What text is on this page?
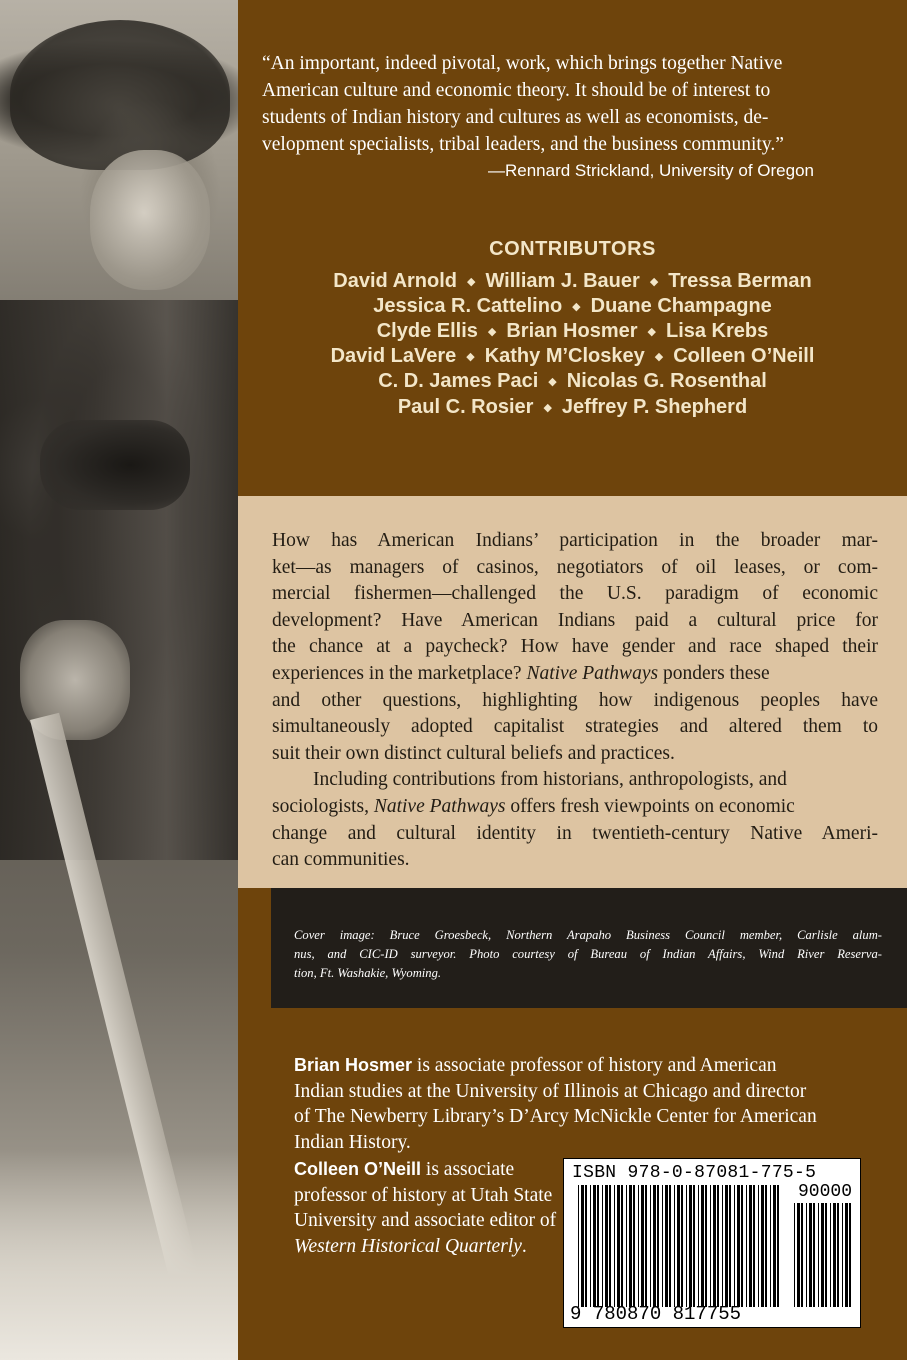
“An important, indeed pivotal, work, which brings together Native
American culture and economic theory. It should be of interest to
students of Indian history and cultures as well as economists, de-
velopment specialists, tribal leaders, and the business community.”
—Rennard Strickland, University of Oregon
CONTRIBUTORS
David Arnold ◆ William J. Bauer ◆ Tressa Berman
Jessica R. Cattelino ◆ Duane Champagne
Clyde Ellis ◆ Brian Hosmer ◆ Lisa Krebs
David LaVere ◆ Kathy M’Closkey ◆ Colleen O’Neill
C. D. James Paci ◆ Nicolas G. Rosenthal
Paul C. Rosier ◆ Jeffrey P. Shepherd
How has American Indians’ participation in the broader mar-
ket—as managers of casinos, negotiators of oil leases, or com-
mercial fishermen—challenged the U.S. paradigm of economic
development? Have American Indians paid a cultural price for
the chance at a paycheck? How have gender and race shaped their
experiences in the marketplace? Native Pathways ponders these
and other questions, highlighting how indigenous peoples have
simultaneously adopted capitalist strategies and altered them to
suit their own distinct cultural beliefs and practices.
Including contributions from historians, anthropologists, and
sociologists, Native Pathways offers fresh viewpoints on economic
change and cultural identity in twentieth-century Native Ameri-
can communities.
Cover image: Bruce Groesbeck, Northern Arapaho Business Council member, Carlisle alum-
nus, and CIC-ID surveyor. Photo courtesy of Bureau of Indian Affairs, Wind River Reserva-
tion, Ft. Washakie, Wyoming.
Brian Hosmer is associate professor of history and American
Indian studies at the University of Illinois at Chicago and director
of The Newberry Library’s D’Arcy McNickle Center for American
Indian History.
Colleen O’Neill is associate
professor of history at Utah State
University and associate editor of
Western Historical Quarterly.
ISBN 978-0-87081-775-5
90000
9 780870 817755
